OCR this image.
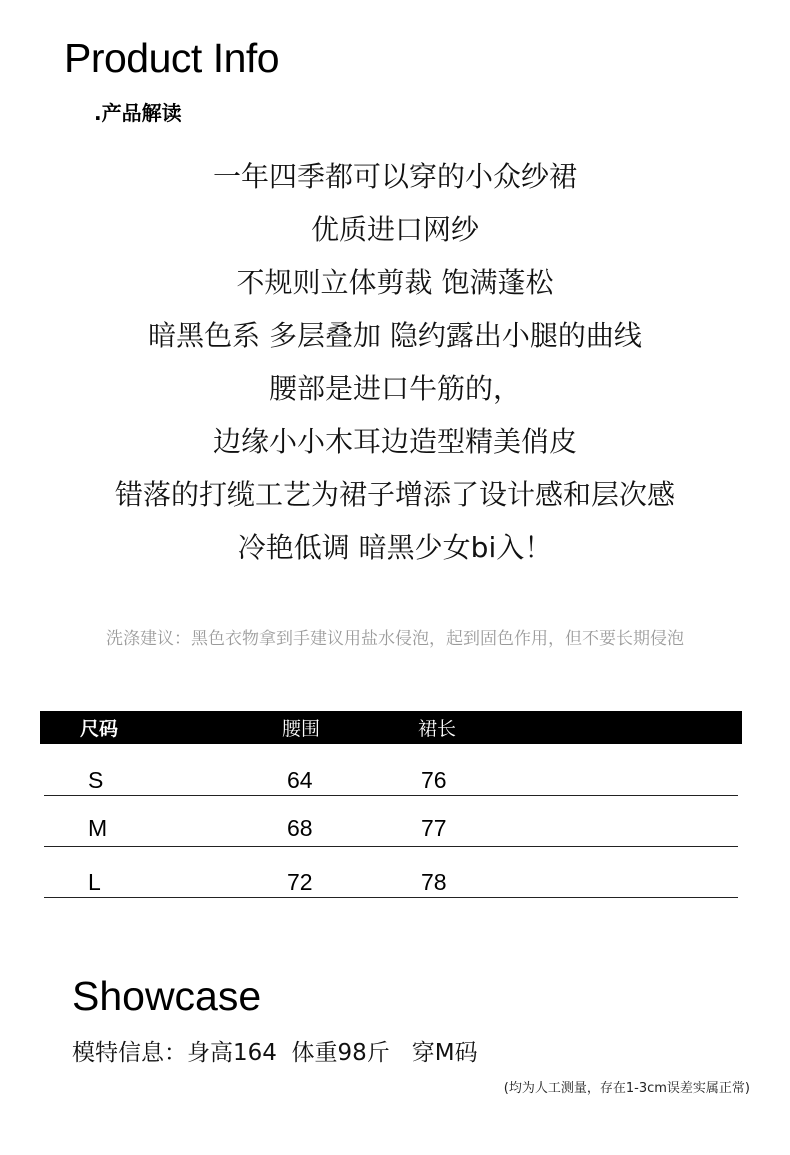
Product Info
.产品解读
一年四季都可以穿的小众纱裙
优质进口网纱
不规则立体剪裁 饱满蓬松
暗黑色系 多层叠加 隐约露出小腿的曲线
腰部是进口牛筋的，
边缘小小木耳边造型精美俏皮
错落的打缆工艺为裙子增添了设计感和层次感
冷艳低调 暗黑少女bi入！
洗涤建议：黑色衣物拿到手建议用盐水侵泡，起到固色作用，但不要长期侵泡
尺码	腰围	裙长
S	64	76
M	68	77
L	72	78
Showcase
模特信息：身高164  体重98斤   穿M码
(均为人工测量，存在1-3cm误差实属正常)
